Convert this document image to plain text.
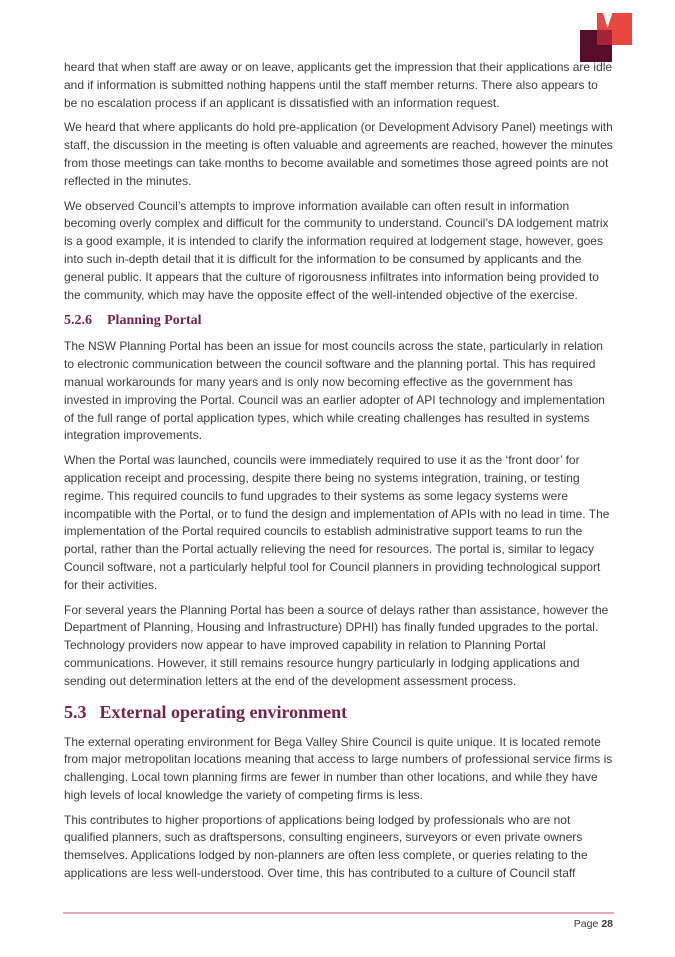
heard that when staff are away or on leave, applicants get the impression that their applications are idle and if information is submitted nothing happens until the staff member returns. There also appears to be no escalation process if an applicant is dissatisfied with an information request.

We heard that where applicants do hold pre-application (or Development Advisory Panel) meetings with staff, the discussion in the meeting is often valuable and agreements are reached, however the minutes from those meetings can take months to become available and sometimes those agreed points are not reflected in the minutes.

We observed Council’s attempts to improve information available can often result in information becoming overly complex and difficult for the community to understand. Council’s DA lodgement matrix is a good example, it is intended to clarify the information required at lodgement stage, however, goes into such in-depth detail that it is difficult for the information to be consumed by applicants and the general public. It appears that the culture of rigorousness infiltrates into information being provided to the community, which may have the opposite effect of the well-intended objective of the exercise.

5.2.6 Planning Portal

The NSW Planning Portal has been an issue for most councils across the state, particularly in relation to electronic communication between the council software and the planning portal. This has required manual workarounds for many years and is only now becoming effective as the government has invested in improving the Portal. Council was an earlier adopter of API technology and implementation of the full range of portal application types, which while creating challenges has resulted in systems integration improvements.

When the Portal was launched, councils were immediately required to use it as the ‘front door’ for application receipt and processing, despite there being no systems integration, training, or testing regime. This required councils to fund upgrades to their systems as some legacy systems were incompatible with the Portal, or to fund the design and implementation of APIs with no lead in time. The implementation of the Portal required councils to establish administrative support teams to run the portal, rather than the Portal actually relieving the need for resources. The portal is, similar to legacy Council software, not a particularly helpful tool for Council planners in providing technological support for their activities.

For several years the Planning Portal has been a source of delays rather than assistance, however the Department of Planning, Housing and Infrastructure) DPHI) has finally funded upgrades to the portal. Technology providers now appear to have improved capability in relation to Planning Portal communications. However, it still remains resource hungry particularly in lodging applications and sending out determination letters at the end of the development assessment process.

5.3 External operating environment

The external operating environment for Bega Valley Shire Council is quite unique. It is located remote from major metropolitan locations meaning that access to large numbers of professional service firms is challenging. Local town planning firms are fewer in number than other locations, and while they have high levels of local knowledge the variety of competing firms is less.

This contributes to higher proportions of applications being lodged by professionals who are not qualified planners, such as draftspersons, consulting engineers, surveyors or even private owners themselves. Applications lodged by non-planners are often less complete, or queries relating to the applications are less well-understood. Over time, this has contributed to a culture of Council staff

Page 28
